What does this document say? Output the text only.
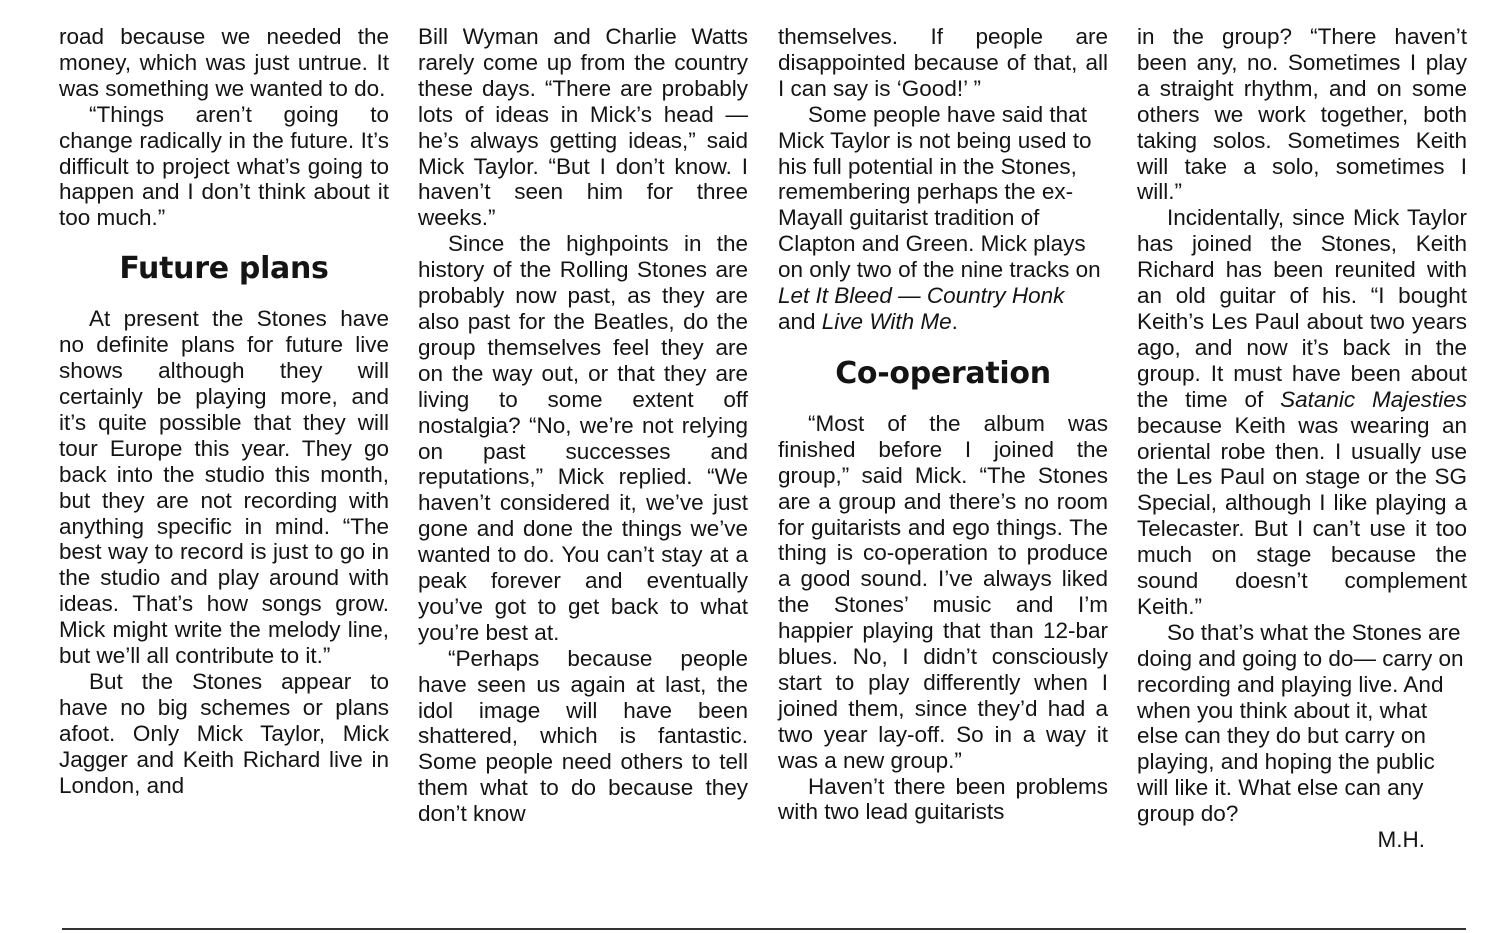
road because we needed the money, which was just untrue. It was something we wanted to do.

“Things aren’t going to change radically in the future. It’s difficult to project what’s going to happen and I don’t think about it too much.”

Future plans

At present the Stones have no definite plans for future live shows although they will certainly be playing more, and it’s quite possible that they will tour Europe this year. They go back into the studio this month, but they are not recording with anything specific in mind. “The best way to record is just to go in the studio and play around with ideas. That’s how songs grow. Mick might write the melody line, but we’ll all contribute to it.”

But the Stones appear to have no big schemes or plans afoot. Only Mick Taylor, Mick Jagger and Keith Richard live in London, and

Bill Wyman and Charlie Watts rarely come up from the country these days. “There are probably lots of ideas in Mick’s head — he’s always getting ideas,” said Mick Taylor. “But I don’t know. I haven’t seen him for three weeks.”

Since the highpoints in the history of the Rolling Stones are probably now past, as they are also past for the Beatles, do the group themselves feel they are on the way out, or that they are living to some extent off nostalgia? “No, we’re not relying on past successes and reputations,” Mick replied. “We haven’t considered it, we’ve just gone and done the things we’ve wanted to do. You can’t stay at a peak forever and eventually you’ve got to get back to what you’re best at.

“Perhaps because people have seen us again at last, the idol image will have been shattered, which is fantastic. Some people need others to tell them what to do because they don’t know

themselves. If people are disappointed because of that, all I can say is ‘Good!’ ”

Some people have said that Mick Taylor is not being used to his full potential in the Stones, remembering perhaps the ex-Mayall guitarist tradition of Clapton and Green. Mick plays on only two of the nine tracks on Let It Bleed — Country Honk and Live With Me.

Co-operation

“Most of the album was finished before I joined the group,” said Mick. “The Stones are a group and there’s no room for guitarists and ego things. The thing is co-operation to produce a good sound. I’ve always liked the Stones’ music and I’m happier playing that than 12-bar blues. No, I didn’t consciously start to play differently when I joined them, since they’d had a two year lay-off. So in a way it was a new group.”

Haven’t there been problems with two lead guitarists

in the group? “There haven’t been any, no. Sometimes I play a straight rhythm, and on some others we work together, both taking solos. Sometimes Keith will take a solo, sometimes I will.”

Incidentally, since Mick Taylor has joined the Stones, Keith Richard has been reunited with an old guitar of his. “I bought Keith’s Les Paul about two years ago, and now it’s back in the group. It must have been about the time of Satanic Majesties because Keith was wearing an oriental robe then. I usually use the Les Paul on stage or the SG Special, although I like playing a Telecaster. But I can’t use it too much on stage because the sound doesn’t complement Keith.”

So that’s what the Stones are doing and going to do— carry on recording and playing live. And when you think about it, what else can they do but carry on playing, and hoping the public will like it. What else can any group do?

M.H.
